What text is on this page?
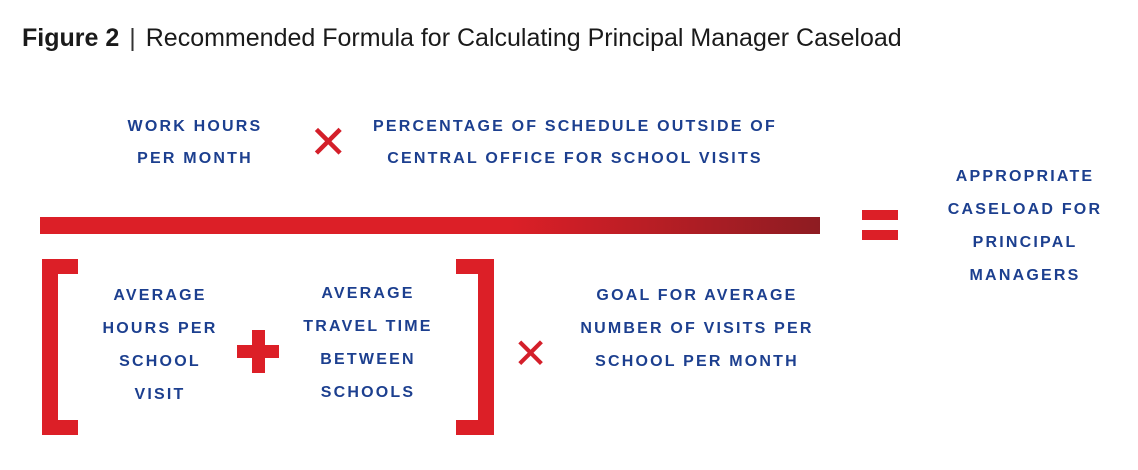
Figure 2 | Recommended Formula for Calculating Principal Manager Caseload
WORK HOURS
PER MONTH	✕ PERCENTAGE OF SCHEDULE OUTSIDE OF
CENTRAL OFFICE FOR SCHOOL VISITS
APPROPRIATE
CASELOAD FOR
PRINCIPAL
MANAGERS
AVERAGE
HOURS PER
SCHOOL
VISIT
AVERAGE
TRAVEL TIME
BETWEEN
SCHOOLS
✕
GOAL FOR AVERAGE
NUMBER OF VISITS PER
SCHOOL PER MONTH
